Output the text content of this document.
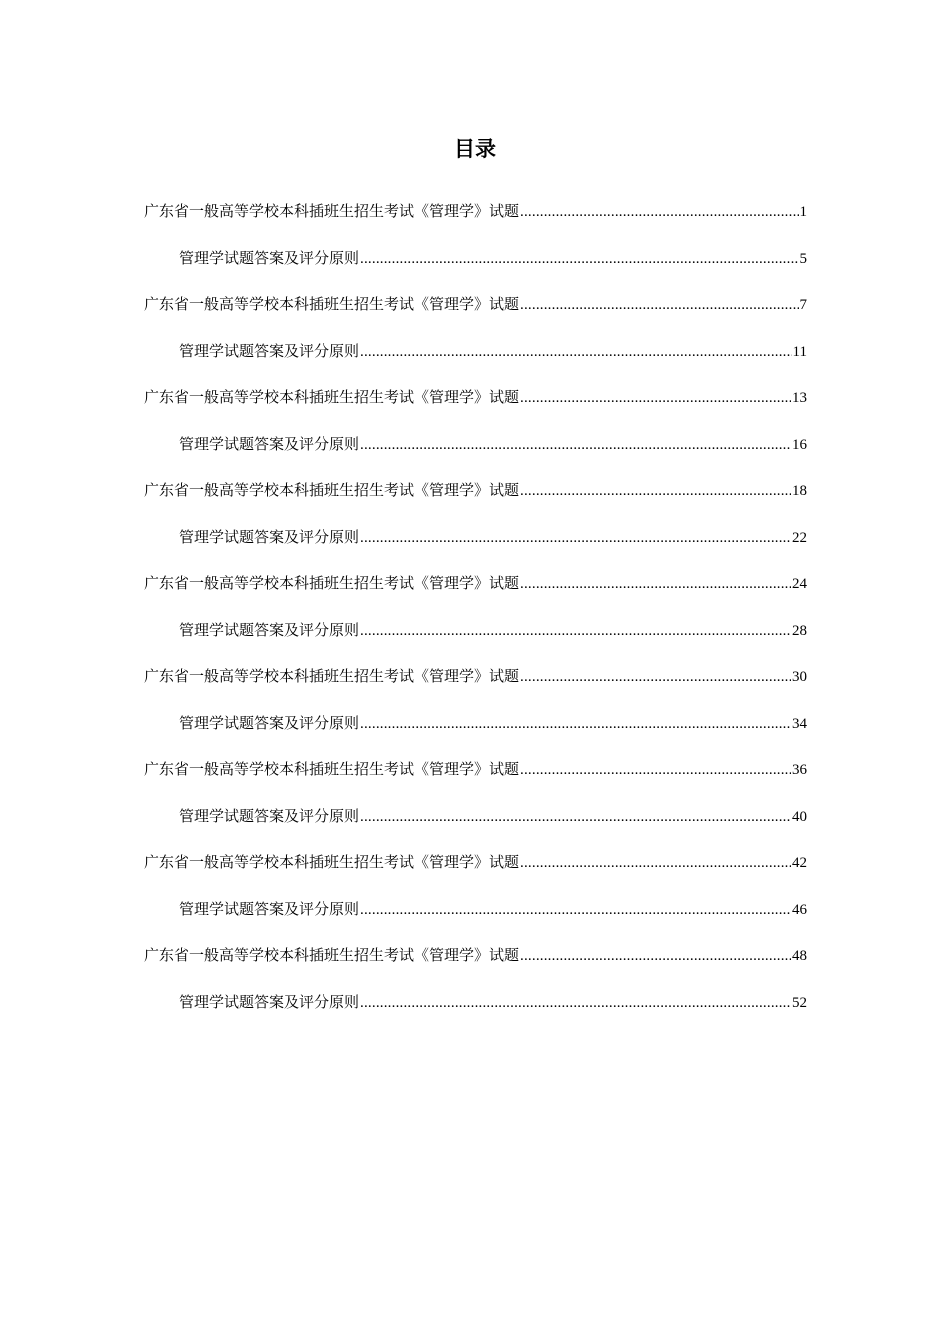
目录
广东省一般高等学校本科插班生招生考试《管理学》试题 .....	1
管理学试题答案及评分原则 .....	5
广东省一般高等学校本科插班生招生考试《管理学》试题 .....	7
管理学试题答案及评分原则 .....	11
广东省一般高等学校本科插班生招生考试《管理学》试题 .....	13
管理学试题答案及评分原则 .....	16
广东省一般高等学校本科插班生招生考试《管理学》试题 .....	18
管理学试题答案及评分原则 .....	22
广东省一般高等学校本科插班生招生考试《管理学》试题 .....	24
管理学试题答案及评分原则 .....	28
广东省一般高等学校本科插班生招生考试《管理学》试题 .....	30
管理学试题答案及评分原则 .....	34
广东省一般高等学校本科插班生招生考试《管理学》试题 .....	36
管理学试题答案及评分原则 .....	40
广东省一般高等学校本科插班生招生考试《管理学》试题 .....	42
管理学试题答案及评分原则 .....	46
广东省一般高等学校本科插班生招生考试《管理学》试题 .....	48
管理学试题答案及评分原则 .....	52
